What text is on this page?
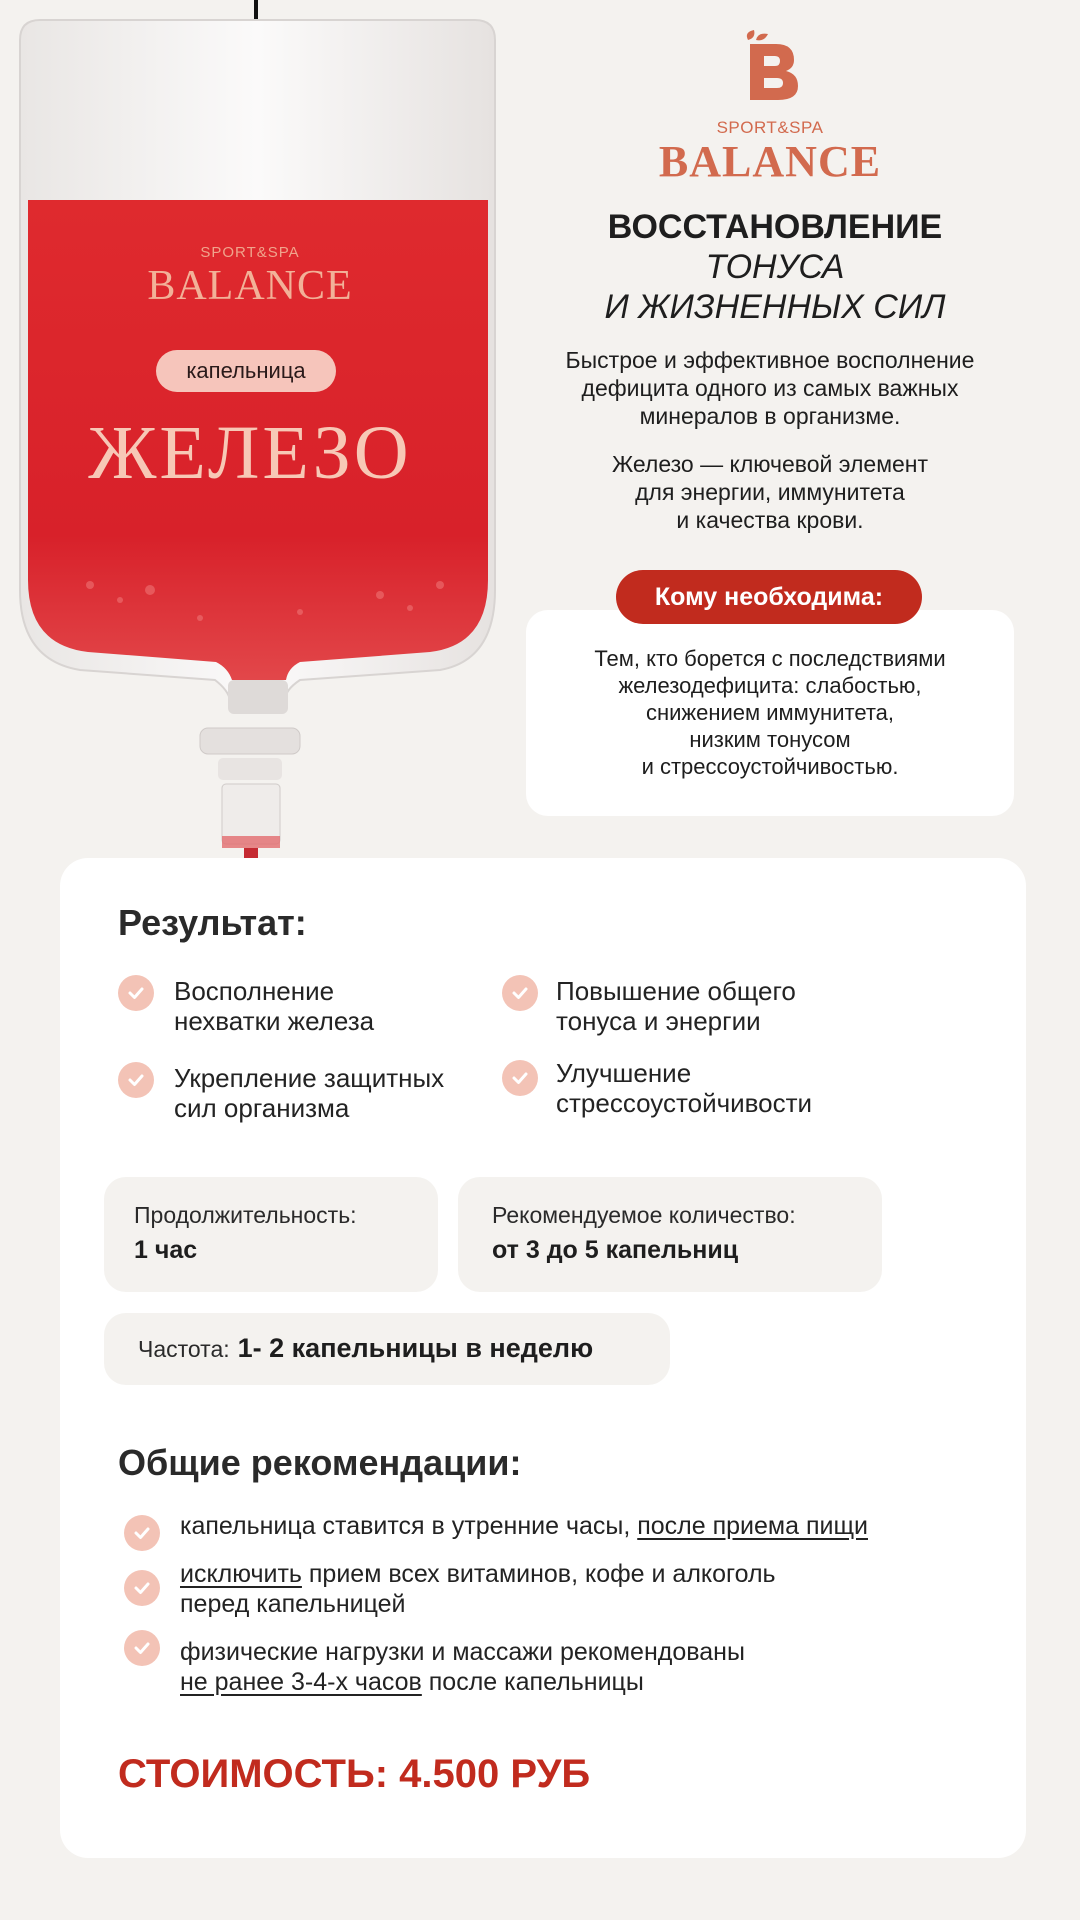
SPORT&SPA
BALANCE
капельница
ЖЕЛЕЗО
SPORT&SPA
BALANCE
ВОССТАНОВЛЕНИЕ
ТОНУСА
И ЖИЗНЕННЫХ СИЛ
Быстрое и эффективное восполнение
дефицита одного из самых важных
минералов в организме.
Железо — ключевой элемент
для энергии, иммунитета
и качества крови.
Кому необходима:
Тем, кто борется с последствиями
железодефицита: слабостью,
снижением иммунитета,
низким тонусом
и стрессоустойчивостью.
Результат:
Восполнение
нехватки железа
Повышение общего
тонуса и энергии
Укрепление защитных
сил организма
Улучшение
стрессоустойчивости
Продолжительность:
1 час
Рекомендуемое количество:
от 3 до 5 капельниц
Частота: 1- 2 капельницы в неделю
Общие рекомендации:
капельница ставится в утренние часы, после приема пищи
исключить прием всех витаминов, кофе и алкоголь
перед капельницей
физические нагрузки и массажи рекомендованы
не ранее 3-4-х часов после капельницы
СТОИМОСТЬ: 4.500 РУБ
